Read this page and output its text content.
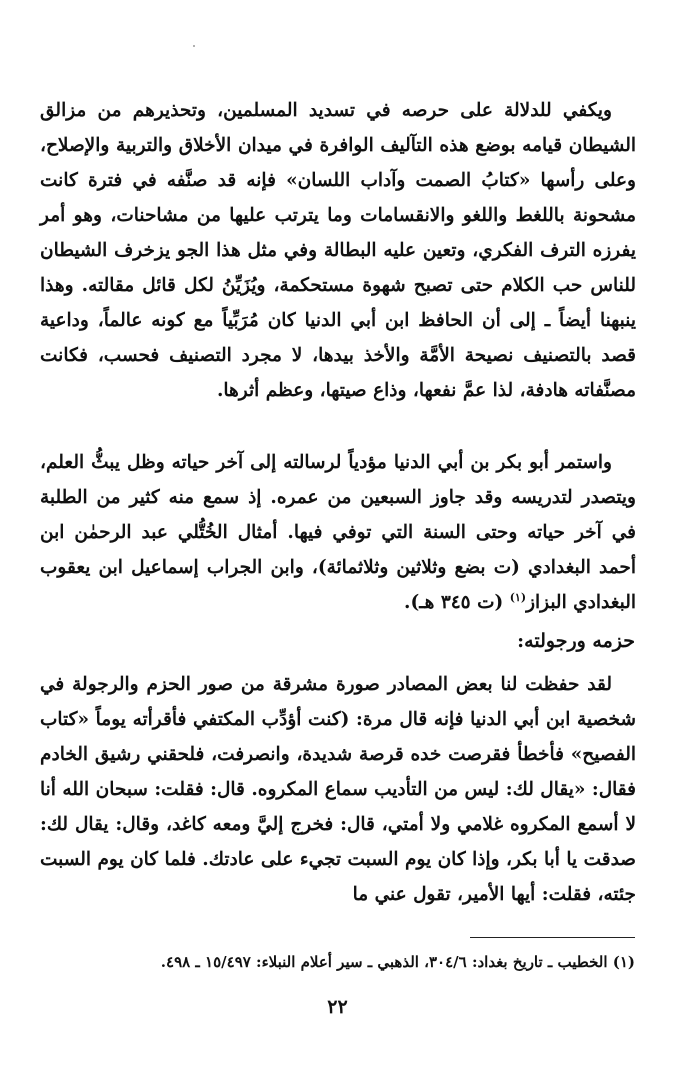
ويكفي للدلالة على حرصه في تسديد المسلمين، وتحذيرهم من مزالق الشيطان قيامه بوضع هذه التآليف الوافرة في ميدان الأخلاق والتربية والإصلاح، وعلى رأسها «كتابُ الصمت وآداب اللسان» فإنه قد صنَّفه في فترة كانت مشحونة باللغط واللغو والانقسامات وما يترتب عليها من مشاحنات، وهو أمر يفرزه الترف الفكري، وتعين عليه البطالة وفي مثل هذا الجو يزخرف الشيطان للناس حب الكلام حتى تصبح شهوة مستحكمة، ويُزَيِّنُ لكل قائل مقالته. وهذا ينبهنا أيضاً ـ إلى أن الحافظ ابن أبي الدنيا كان مُرَبِّياً مع كونه عالماً، وداعية قصد بالتصنيف نصيحة الأمَّة والأخذ بيدها، لا مجرد التصنيف فحسب، فكانت مصنَّفاته هادفة، لذا عمَّ نفعها، وذاع صيتها، وعظم أثرها.

واستمر أبو بكر بن أبي الدنيا مؤدياً لرسالته إلى آخر حياته وظل يبثُّ العلم، ويتصدر لتدريسه وقد جاوز السبعين من عمره. إذ سمع منه كثير من الطلبة في آخر حياته وحتى السنة التي توفي فيها. أمثال الخُتُّلي عبد الرحمٰن ابن أحمد البغدادي (ت بضع وثلاثين وثلاثمائة)، وابن الجراب إسماعيل ابن يعقوب البغدادي البزاز$^{(١)}$ (ت ٣٤٥ هـ).

حزمه ورجولته:

لقد حفظت لنا بعض المصادر صورة مشرقة من صور الحزم والرجولة في شخصية ابن أبي الدنيا فإنه قال مرة: (كنت أؤدِّب المكتفي فأقرأته يوماً «كتاب الفصيح» فأخطأ فقرصت خده قرصة شديدة، وانصرفت، فلحقني رشيق الخادم فقال: «يقال لك: ليس من التأديب سماع المكروه. قال: فقلت: سبحان الله أنا لا أسمع المكروه غلامي ولا أمتي، قال: فخرج إليَّ ومعه كاغد، وقال: يقال لك: صدقت يا أبا بكر، وإذا كان يوم السبت تجيء على عادتك. فلما كان يوم السبت جئته، فقلت: أيها الأمير، تقول عني ما

(١) الخطيب ـ تاريخ بغداد: ٣٠٤/٦، الذهبي ـ سير أعلام النبلاء: ١٥/٤٩٧ ـ ٤٩٨.

٢٢
